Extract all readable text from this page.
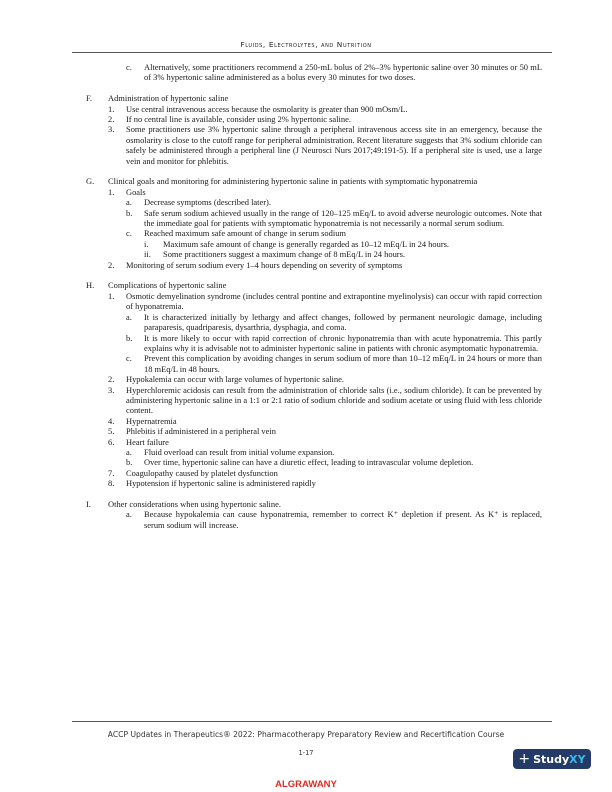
Fluids, Electrolytes, and Nutrition
c. Alternatively, some practitioners recommend a 250-mL bolus of 2%–3% hypertonic saline over 30 minutes or 50 mL of 3% hypertonic saline administered as a bolus every 30 minutes for two doses.
F. Administration of hypertonic saline
1. Use central intravenous access because the osmolarity is greater than 900 mOsm/L.
2. If no central line is available, consider using 2% hypertonic saline.
3. Some practitioners use 3% hypertonic saline through a peripheral intravenous access site in an emergency, because the osmolarity is close to the cutoff range for peripheral administration. Recent literature suggests that 3% sodium chloride can safely be administered through a peripheral line (J Neurosci Nurs 2017;49:191-5). If a peripheral site is used, use a large vein and monitor for phlebitis.
G. Clinical goals and monitoring for administering hypertonic saline in patients with symptomatic hyponatremia
1. Goals
a. Decrease symptoms (described later).
b. Safe serum sodium achieved usually in the range of 120–125 mEq/L to avoid adverse neurologic outcomes. Note that the immediate goal for patients with symptomatic hyponatremia is not necessarily a normal serum sodium.
c. Reached maximum safe amount of change in serum sodium
i. Maximum safe amount of change is generally regarded as 10–12 mEq/L in 24 hours.
ii. Some practitioners suggest a maximum change of 8 mEq/L in 24 hours.
2. Monitoring of serum sodium every 1–4 hours depending on severity of symptoms
H. Complications of hypertonic saline
1. Osmotic demyelination syndrome (includes central pontine and extrapontine myelinolysis) can occur with rapid correction of hyponatremia.
a. It is characterized initially by lethargy and affect changes, followed by permanent neurologic damage, including paraparesis, quadriparesis, dysarthria, dysphagia, and coma.
b. It is more likely to occur with rapid correction of chronic hyponatremia than with acute hyponatremia. This partly explains why it is advisable not to administer hypertonic saline in patients with chronic asymptomatic hyponatremia.
c. Prevent this complication by avoiding changes in serum sodium of more than 10–12 mEq/L in 24 hours or more than 18 mEq/L in 48 hours.
2. Hypokalemia can occur with large volumes of hypertonic saline.
3. Hyperchloremic acidosis can result from the administration of chloride salts (i.e., sodium chloride). It can be prevented by administering hypertonic saline in a 1:1 or 2:1 ratio of sodium chloride and sodium acetate or using fluid with less chloride content.
4. Hypernatremia
5. Phlebitis if administered in a peripheral vein
6. Heart failure
a. Fluid overload can result from initial volume expansion.
b. Over time, hypertonic saline can have a diuretic effect, leading to intravascular volume depletion.
7. Coagulopathy caused by platelet dysfunction
8. Hypotension if hypertonic saline is administered rapidly
I. Other considerations when using hypertonic saline.
a. Because hypokalemia can cause hyponatremia, remember to correct K⁺ depletion if present. As K⁺ is replaced, serum sodium will increase.
ACCP Updates in Therapeutics® 2022: Pharmacotherapy Preparatory Review and Recertification Course
1-17	+ StudyXY
ALGRAWANY
